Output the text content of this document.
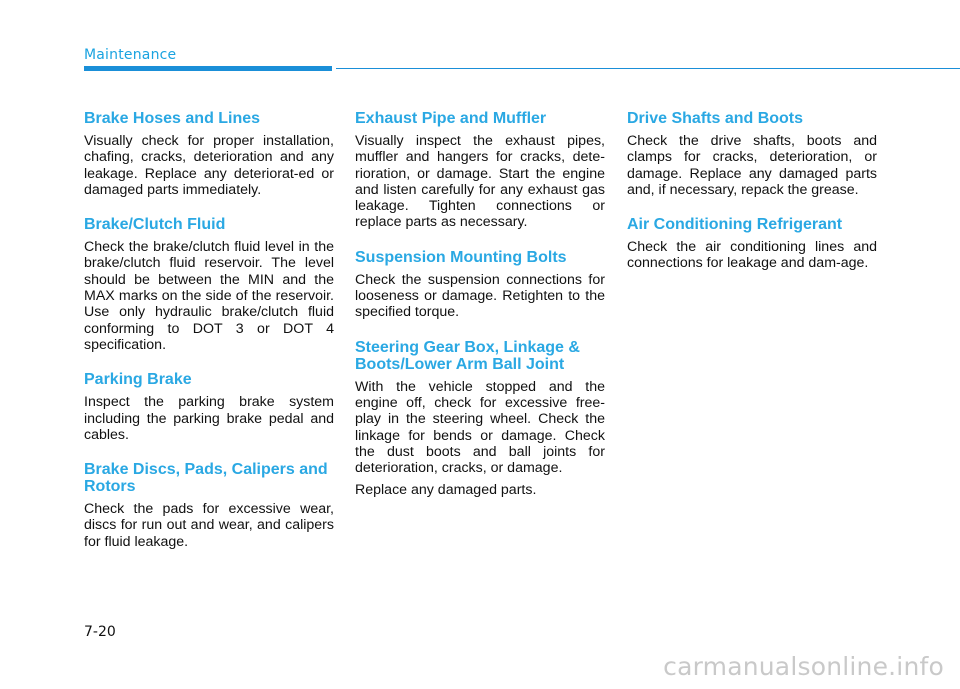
Maintenance
Brake Hoses and Lines

Visually check for proper installation, chafing, cracks, deterioration and any leakage. Replace any deteriorat-ed or damaged parts immediately.

Brake/Clutch Fluid

Check the brake/clutch fluid level in the brake/clutch fluid reservoir. The level should be between the MIN and the MAX marks on the side of the reservoir. Use only hydraulic brake/clutch fluid conforming to DOT 3 or DOT 4 specification.

Parking Brake

Inspect the parking brake system including the parking brake pedal and cables.

Brake Discs, Pads, Calipers and Rotors

Check the pads for excessive wear, discs for run out and wear, and calipers for fluid leakage.

Exhaust Pipe and Muffler

Visually inspect the exhaust pipes, muffler and hangers for cracks, dete-rioration, or damage. Start the engine and listen carefully for any exhaust gas leakage. Tighten connections or replace parts as necessary.

Suspension Mounting Bolts

Check the suspension connections for looseness or damage. Retighten to the specified torque.

Steering Gear Box, Linkage & Boots/Lower Arm Ball Joint

With the vehicle stopped and the engine off, check for excessive free-play in the steering wheel. Check the linkage for bends or damage. Check the dust boots and ball joints for deterioration, cracks, or damage.

Replace any damaged parts.

Drive Shafts and Boots

Check the drive shafts, boots and clamps for cracks, deterioration, or damage. Replace any damaged parts and, if necessary, repack the grease.

Air Conditioning Refrigerant

Check the air conditioning lines and connections for leakage and dam-age.

7-20
carmanualsonline.info
